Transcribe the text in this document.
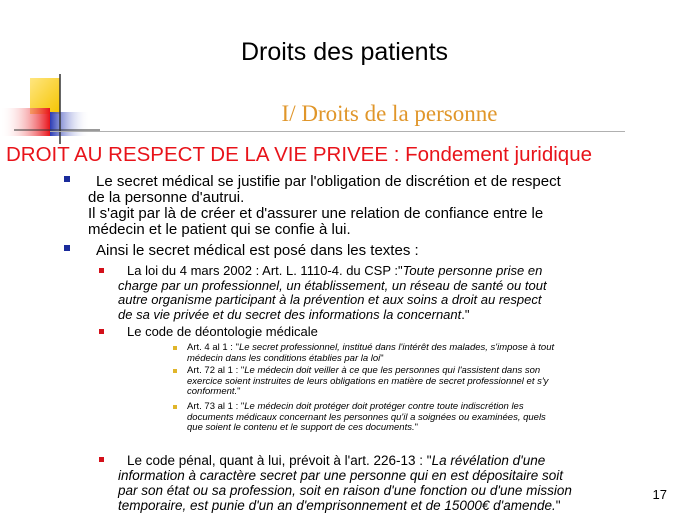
Droits des patients
I/ Droits de la personne
DROIT AU RESPECT DE LA VIE PRIVEE : Fondement juridique
Le secret médical se justifie par l'obligation de discrétion et de respect
de la personne d'autrui.
Il s'agit par là de créer et d'assurer une relation de confiance entre le
médecin et le patient qui se confie à lui.
Ainsi le secret médical est posé dans les textes :
La loi du 4 mars 2002 : Art. L. 1110-4. du CSP :"Toute personne prise en
charge par un professionnel, un établissement, un réseau de santé ou tout
autre organisme participant à la prévention et aux soins a droit au respect
de sa vie privée et du secret des informations la concernant."
Le code de déontologie médicale
Art. 4 al 1 : "Le secret professionnel, institué dans l'intérêt des malades, s'impose à tout
médecin dans les conditions établies par la loi"
Art. 72 al 1 : "Le médecin doit veiller à ce que les personnes qui l'assistent dans son
exercice soient instruites de leurs obligations en matière de secret professionnel et s'y
conforment."
Art. 73 al 1 : "Le médecin doit protéger doit protéger contre toute indiscrétion les
documents médicaux concernant les personnes qu'il a soignées ou examinées, quels
que soient le contenu et le support de ces documents."
Le code pénal, quant à lui, prévoit à l'art. 226-13 : "La révélation d'une
information à caractère secret par une personne qui en est dépositaire soit
par son état ou sa profession, soit en raison d'une fonction ou d'une mission
temporaire, est punie d'un an d'emprisonnement et de 15000€ d'amende."
17
